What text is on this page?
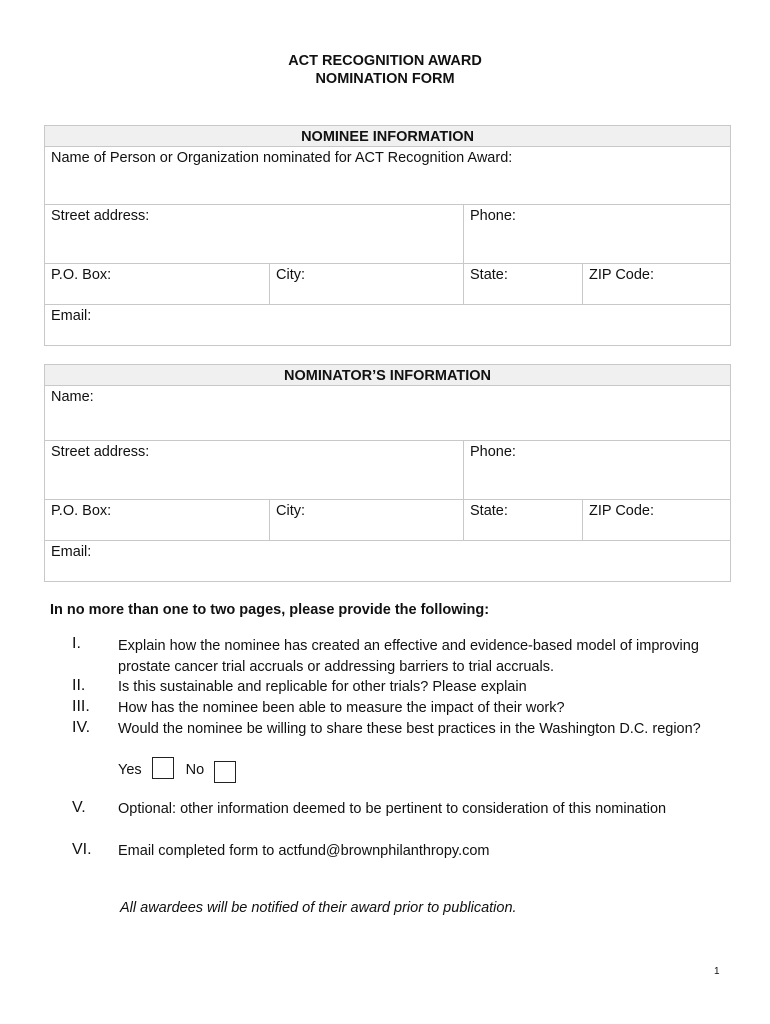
ACT RECOGNITION AWARD
NOMINATION FORM
NOMINEE INFORMATION			
Name of Person or Organization nominated for ACT Recognition Award:			
Street address:		Phone:	
P.O. Box:	City:	State:	ZIP Code:
Email:			
NOMINATOR’S INFORMATION			
Name:			
Street address:		Phone:	
P.O. Box:	City:	State:	ZIP Code:
Email:			
In no more than one to two pages, please provide the following:
I.	Explain how the nominee has created an effective and evidence-based model of improving prostate cancer trial accruals or addressing barriers to trial accruals.
II. Is this sustainable and replicable for other trials? Please explain
III. How has the nominee been able to measure the impact of their work?
IV. Would the nominee be willing to share these best practices in the Washington D.C. region?
Yes	No
V. Optional: other information deemed to be pertinent to consideration of this nomination
VI. Email completed form to actfund@brownphilanthropy.com
All awardees will be notified of their award prior to publication.
1
